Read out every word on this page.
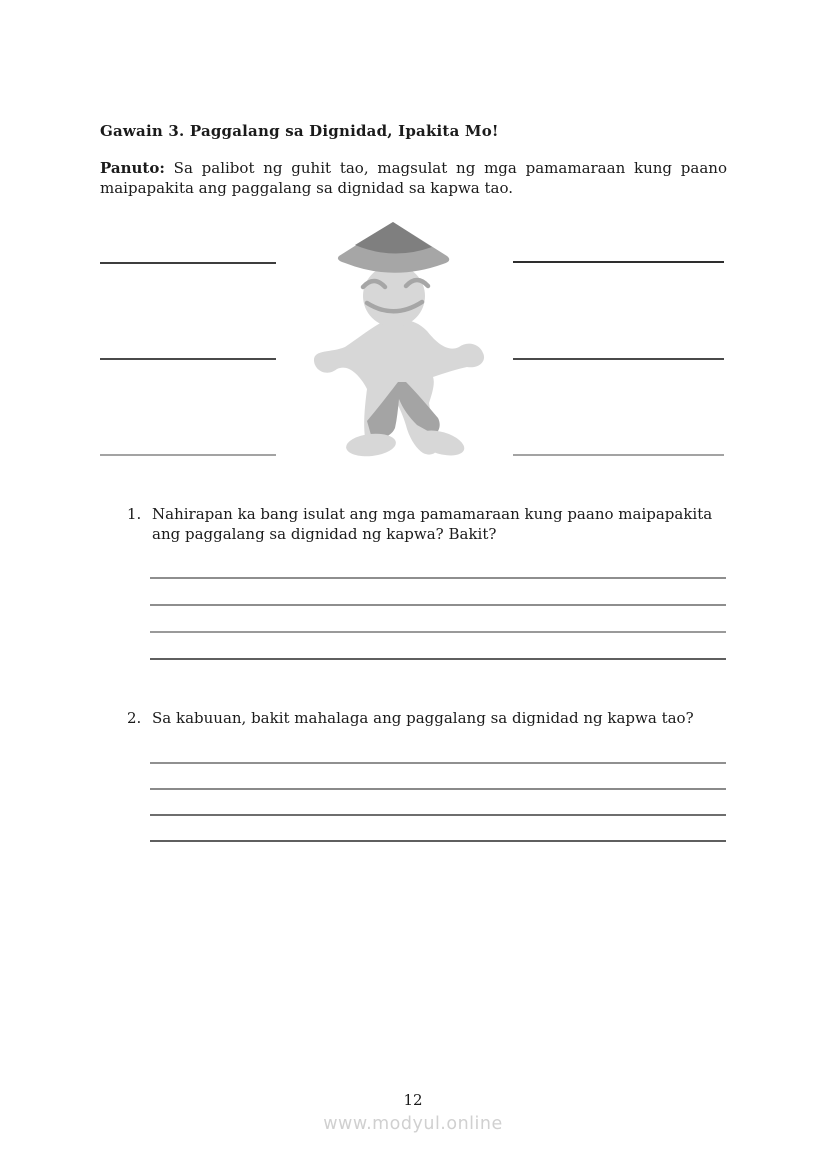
Gawain 3. Paggalang sa Dignidad, Ipakita Mo!

Panuto: Sa palibot ng guhit tao, magsulat ng mga pamamaraan kung paano maipapakita ang paggalang sa dignidad sa kapwa tao.

1. Nahirapan ka bang isulat ang mga pamamaraan kung paano maipapakita ang paggalang sa dignidad ng kapwa? Bakit?
2. Sa kabuuan, bakit mahalaga ang paggalang sa dignidad ng kapwa tao?
12
www.modyul.online
